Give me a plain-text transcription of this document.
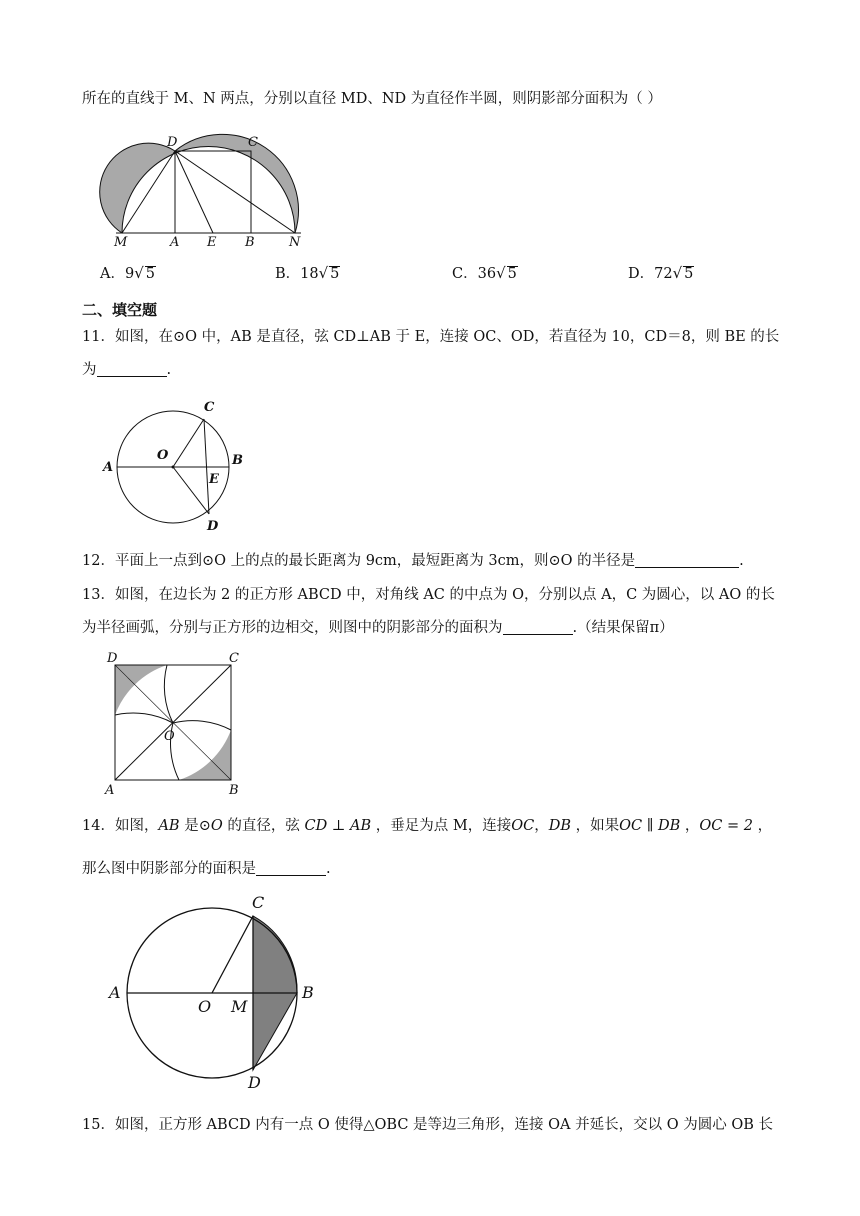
所在的直线于 M、N 两点，分别以直径 MD、ND 为直径作半圆，则阴影部分面积为（ ）
D	C
M	A E B	N
A．9√ 5	B．18√ 5	C．36√ 5	D．72√ 5
二、填空题
11．如图，在⊙O 中，AB 是直径，弦 CD⊥AB 于 E，连接 OC、OD，若直径为 10，CD＝8，则 BE 的长
为	.
A
O	B
C
E
D
12．平面上一点到⊙O 上的点的最长距离为 9cm，最短距离为 3cm，则⊙O 的半径是	.
13．如图，在边长为 2 的正方形 ABCD 中，对角线 AC 的中点为 O，分别以点 A，C 为圆心，以 AO 的长
为半径画弧，分别与正方形的边相交，则图中的阴影部分的面积为	.（结果保留π）
D	C
O
A	B
14．如图，AB 是⊙O 的直径，弦 CD ⊥ AB ，垂足为点 M，连接OC，DB ，如果OC ∥ DB ，OC = 2 ，
那么图中阴影部分的面积是	.
C
A
O M
B
D
15．如图，正方形 ABCD 内有一点 O 使得△OBC 是等边三角形，连接 OA 并延长，交以 O 为圆心 OB 长
